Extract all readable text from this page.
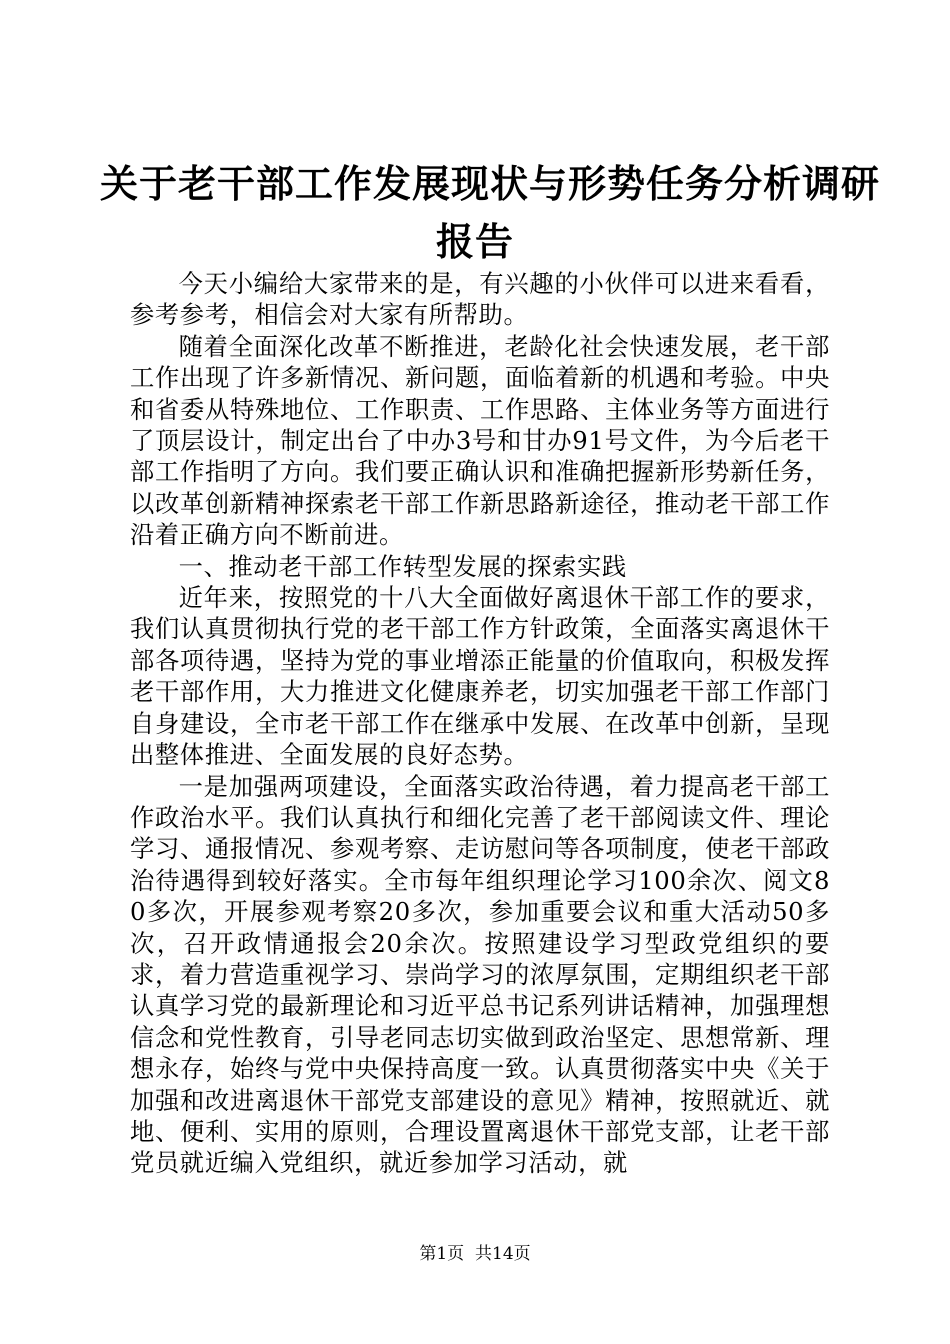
关于老干部工作发展现状与形势任务分析调研
报告

今天小编给大家带来的是，有兴趣的小伙伴可以进来看看，参考参考，相信会对大家有所帮助。

随着全面深化改革不断推进，老龄化社会快速发展，老干部工作出现了许多新情况、新问题，面临着新的机遇和考验。中央和省委从特殊地位、工作职责、工作思路、主体业务等方面进行了顶层设计，制定出台了中办3号和甘办91号文件，为今后老干部工作指明了方向。我们要正确认识和准确把握新形势新任务，以改革创新精神探索老干部工作新思路新途径，推动老干部工作沿着正确方向不断前进。

一、推动老干部工作转型发展的探索实践

近年来，按照党的十八大全面做好离退休干部工作的要求，我们认真贯彻执行党的老干部工作方针政策，全面落实离退休干部各项待遇，坚持为党的事业增添正能量的价值取向，积极发挥老干部作用，大力推进文化健康养老，切实加强老干部工作部门自身建设，全市老干部工作在继承中发展、在改革中创新，呈现出整体推进、全面发展的良好态势。

一是加强两项建设，全面落实政治待遇，着力提高老干部工作政治水平。我们认真执行和细化完善了老干部阅读文件、理论学习、通报情况、参观考察、走访慰问等各项制度，使老干部政治待遇得到较好落实。全市每年组织理论学习100余次、阅文80多次，开展参观考察20多次，参加重要会议和重大活动50多次，召开政情通报会20余次。按照建设学习型政党组织的要求，着力营造重视学习、崇尚学习的浓厚氛围，定期组织老干部认真学习党的最新理论和习近平总书记系列讲话精神，加强理想信念和党性教育，引导老同志切实做到政治坚定、思想常新、理想永存，始终与党中央保持高度一致。认真贯彻落实中央《关于加强和改进离退休干部党支部建设的意见》精神，按照就近、就地、便利、实用的原则，合理设置离退休干部党支部，让老干部党员就近编入党组织，就近参加学习活动，就

第1页 共14页
